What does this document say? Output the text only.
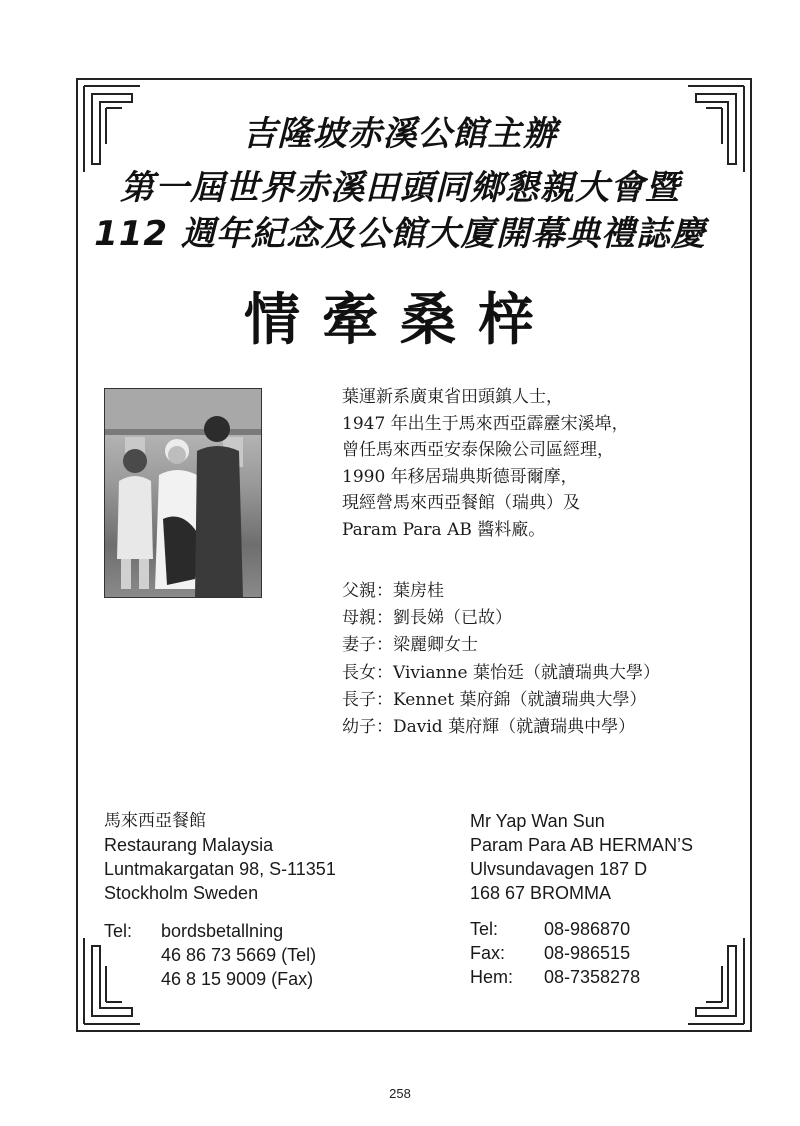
吉隆坡赤溪公館主辦
第一屆世界赤溪田頭同鄉懇親大會暨
112 週年紀念及公館大廈開幕典禮誌慶
情牽桑梓
葉運新系廣東省田頭鎮人士，
1947 年出生于馬來西亞霹靂宋溪埠，
曾任馬來西亞安泰保險公司區經理，
1990 年移居瑞典斯德哥爾摩，
現經營馬來西亞餐館（瑞典）及
Param Para AB 醬料廠。
父親：葉房桂
母親：劉長娣（已故）
妻子：梁麗卿女士
長女：Vivianne 葉怡廷（就讀瑞典大學）
長子：Kennet 葉府錦（就讀瑞典大學）
幼子：David 葉府輝（就讀瑞典中學）
馬來西亞餐館
Restaurang Malaysia
Luntmakargatan 98, S-11351
Stockholm Sweden
Mr Yap Wan Sun
Param Para AB HERMAN’S
Ulvsundavagen 187 D
168 67 BROMMA
Tel:	bordsbetallning
46 86 73 5669 (Tel)
46 8 15 9009 (Fax)
Tel:	08-986870
Fax:	08-986515
Hem:	08-7358278
258
